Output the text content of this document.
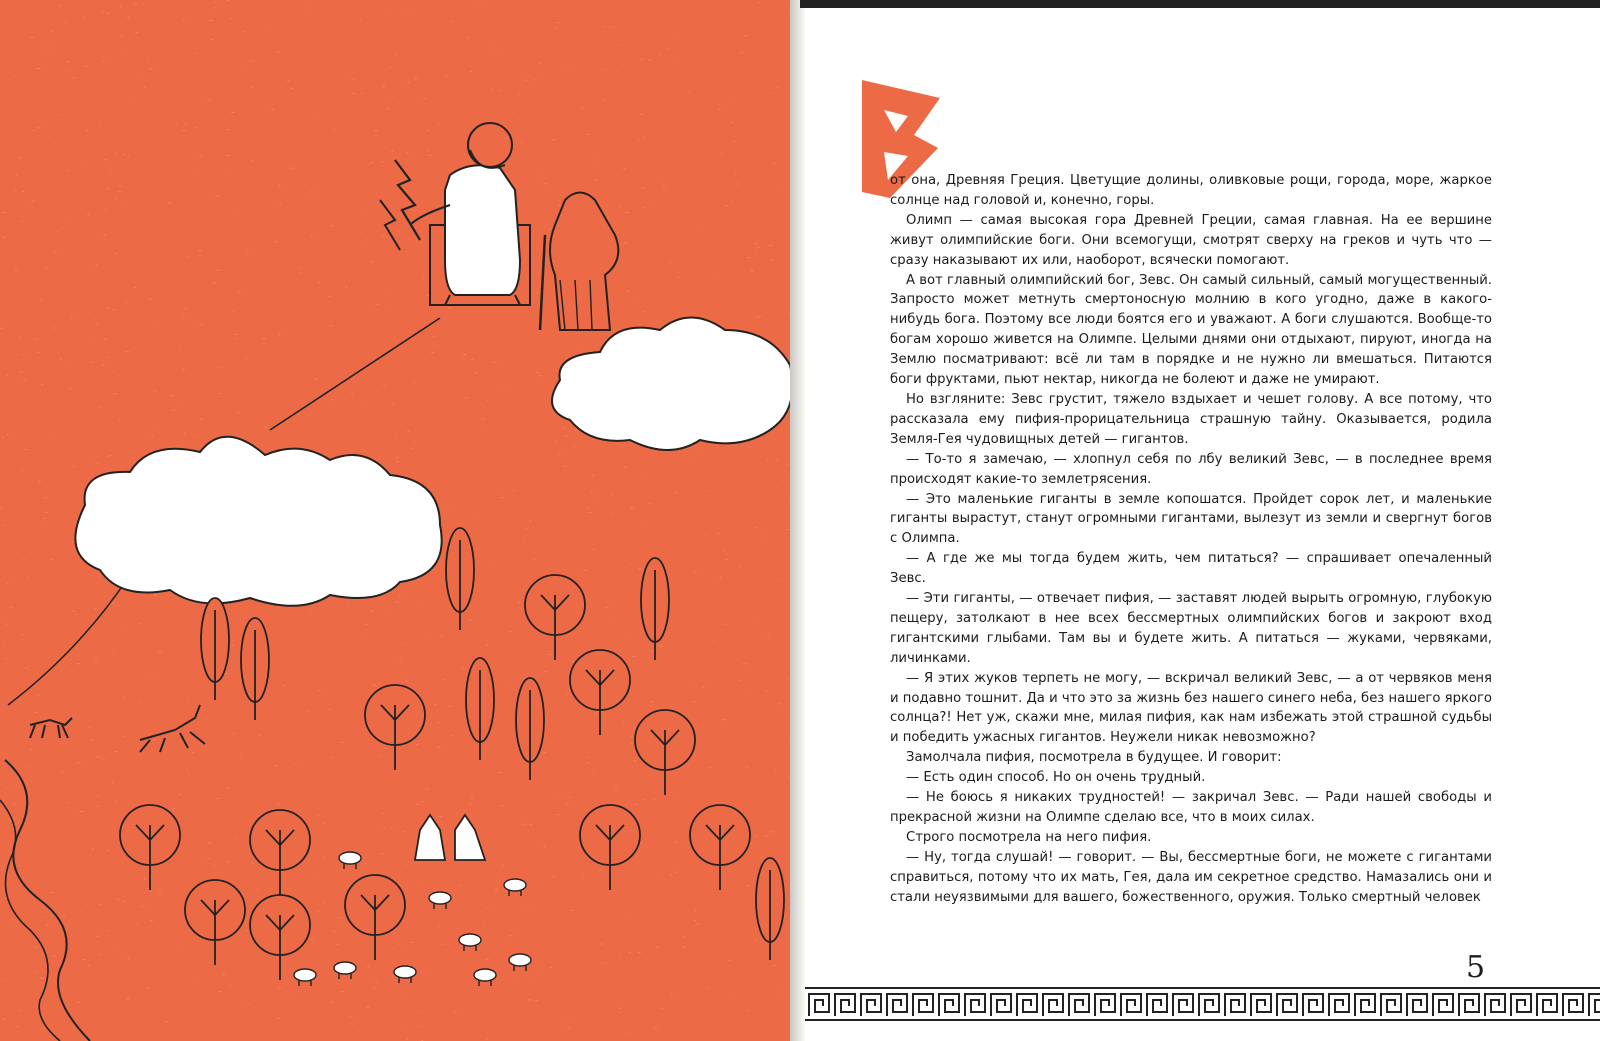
В

от она, Древняя Греция. Цветущие долины, оливковые рощи, города, море, жаркое солнце над головой и, конечно, горы.

Олимп — самая высокая гора Древней Греции, самая главная. На ее вершине живут олимпийские боги. Они всемогущи, смотрят сверху на греков и чуть что — сразу наказывают их или, наоборот, всячески помогают.

А вот главный олимпийский бог, Зевс. Он самый сильный, самый могущественный. Запросто может метнуть смертоносную молнию в кого угодно, даже в какого-нибудь бога. Поэтому все люди боятся его и уважают. А боги слушаются. Вообще-то богам хорошо живется на Олимпе. Целыми днями они отдыхают, пируют, иногда на Землю посматривают: всё ли там в порядке и не нужно ли вмешаться. Питаются боги фруктами, пьют нектар, никогда не болеют и даже не умирают.

Но взгляните: Зевс грустит, тяжело вздыхает и чешет голову. А все потому, что рассказала ему пифия-прорицательница страшную тайну. Оказывается, родила Земля-Гея чудовищных детей — гигантов.

— То-то я замечаю, — хлопнул себя по лбу великий Зевс, — в последнее время происходят какие-то землетрясения.

— Это маленькие гиганты в земле копошатся. Пройдет сорок лет, и маленькие гиганты вырастут, станут огромными гигантами, вылезут из земли и свергнут богов с Олимпа.

— А где же мы тогда будем жить, чем питаться? — спрашивает опечаленный Зевс.

— Эти гиганты, — отвечает пифия, — заставят людей вырыть огромную, глубокую пещеру, затолкают в нее всех бессмертных олимпийских богов и закроют вход гигантскими глыбами. Там вы и будете жить. А питаться — жуками, червяками, личинками.

— Я этих жуков терпеть не могу, — вскричал великий Зевс, — а от червяков меня и подавно тошнит. Да и что это за жизнь без нашего синего неба, без нашего яркого солнца?! Нет уж, скажи мне, милая пифия, как нам избежать этой страшной судьбы и победить ужасных гигантов. Неужели никак невозможно?

Замолчала пифия, посмотрела в будущее. И говорит:

— Есть один способ. Но он очень трудный.

— Не боюсь я никаких трудностей! — закричал Зевс. — Ради нашей свободы и прекрасной жизни на Олимпе сделаю все, что в моих силах.

Строго посмотрела на него пифия.

— Ну, тогда слушай! — говорит. — Вы, бессмертные боги, не можете с гигантами справиться, потому что их мать, Гея, дала им секретное средство. Намазались они и стали неуязвимыми для вашего, божественного, оружия. Только смертный человек

5
